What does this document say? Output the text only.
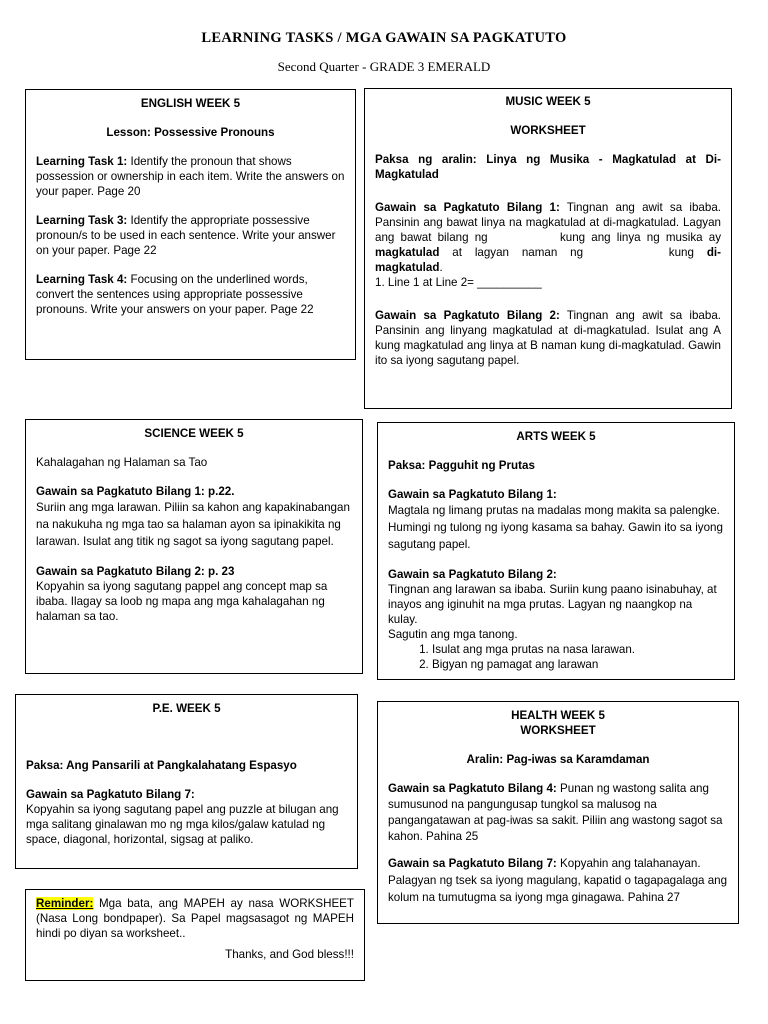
LEARNING TASKS / MGA GAWAIN SA PAGKATUTO
Second Quarter - GRADE 3 EMERALD

ENGLISH WEEK 5

Lesson: Possessive Pronouns

Learning Task 1: Identify the pronoun that shows possession or ownership in each item. Write the answers on your paper. Page 20

Learning Task 3: Identify the appropriate possessive pronoun/s to be used in each sentence. Write your answer on your paper. Page 22

Learning Task 4: Focusing on the underlined words, convert the sentences using appropriate possessive pronouns. Write your answers on your paper. Page 22

MUSIC WEEK 5

WORKSHEET

Paksa ng aralin: Linya ng Musika - Magkatulad at Di-Magkatulad

Gawain sa Pagkatuto Bilang 1: Tingnan ang awit sa ibaba. Pansinin ang bawat linya na magkatulad at di-magkatulad. Lagyan ang bawat bilang ng	kung ang linya ng musika ay magkatulad at lagyan naman ng	kung di-magkatulad.

1. Line 1 at Line 2= __________

Gawain sa Pagkatuto Bilang 2: Tingnan ang awit sa ibaba. Pansinin ang linyang magkatulad at di-magkatulad. Isulat ang A kung magkatulad ang linya at B naman kung di-magkatulad. Gawin ito sa iyong sagutang papel.

SCIENCE WEEK 5

Kahalagahan ng Halaman sa Tao

Gawain sa Pagkatuto Bilang 1: p.22.

Suriin ang mga larawan. Piliin sa kahon ang kapakinabangan na nakukuha ng mga tao sa halaman ayon sa ipinakikita ng larawan. Isulat ang titik ng sagot sa iyong sagutang papel.

Gawain sa Pagkatuto Bilang 2: p. 23

Kopyahin sa iyong sagutang pappel ang concept map sa ibaba. Ilagay sa loob ng mapa ang mga kahalagahan ng halaman sa tao.

ARTS WEEK 5

Paksa: Pagguhit ng Prutas

Gawain sa Pagkatuto Bilang 1:

Magtala ng limang prutas na madalas mong makita sa palengke. Humingi ng tulong ng iyong kasama sa bahay. Gawin ito sa iyong sagutang papel.

Gawain sa Pagkatuto Bilang 2:

Tingnan ang larawan sa ibaba. Suriin kung paano isinabuhay, at inayos ang iginuhit na mga prutas. Lagyan ng naangkop na kulay.

Sagutin ang mga tanong.

1. Isulat ang mga prutas na nasa larawan.
2. Bigyan ng pamagat ang larawan

P.E. WEEK 5

Paksa: Ang Pansarili at Pangkalahatang Espasyo

Gawain sa Pagkatuto Bilang 7:

Kopyahin sa iyong sagutang papel ang puzzle at bilugan ang mga salitang ginalawan mo ng mga kilos/galaw katulad ng space, diagonal, horizontal, sigsag at paliko.

HEALTH WEEK 5

WORKSHEET

Aralin: Pag-iwas sa Karamdaman

Gawain sa Pagkatuto Bilang 4: Punan ng wastong salita ang sumusunod na pangungusap tungkol sa malusog na pangangatawan at pag-iwas sa sakit. Piliin ang wastong sagot sa kahon. Pahina 25

Gawain sa Pagkatuto Bilang 7: Kopyahin ang talahanayan. Palagyan ng tsek sa iyong magulang, kapatid o tagapagalaga ang kolum na tumutugma sa iyong mga ginagawa. Pahina 27

Reminder: Mga bata, ang MAPEH ay nasa WORKSHEET (Nasa Long bondpaper). Sa Papel magsasagot ng MAPEH hindi po diyan sa worksheet..

Thanks, and God bless!!!
